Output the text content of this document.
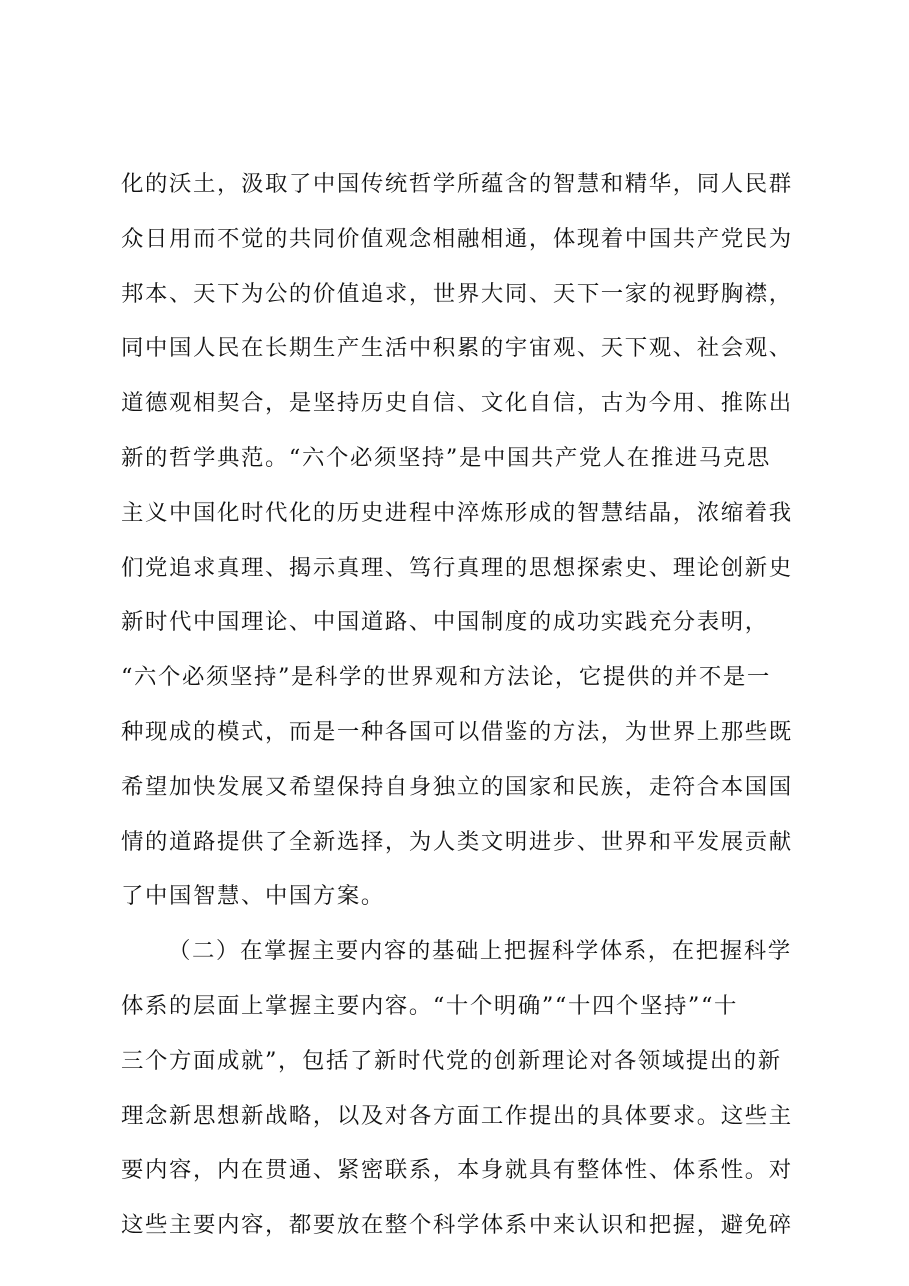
化的沃土，汲取了中国传统哲学所蕴含的智慧和精华，同人民群
众日用而不觉的共同价值观念相融相通，体现着中国共产党民为
邦本、天下为公的价值追求，世界大同、天下一家的视野胸襟，
同中国人民在长期生产生活中积累的宇宙观、天下观、社会观、
道德观相契合，是坚持历史自信、文化自信，古为今用、推陈出
新的哲学典范。“六个必须坚持”是中国共产党人在推进马克思
主义中国化时代化的历史进程中淬炼形成的智慧结晶，浓缩着我
们党追求真理、揭示真理、笃行真理的思想探索史、理论创新史
新时代中国理论、中国道路、中国制度的成功实践充分表明，
“六个必须坚持”是科学的世界观和方法论，它提供的并不是一
种现成的模式，而是一种各国可以借鉴的方法，为世界上那些既
希望加快发展又希望保持自身独立的国家和民族，走符合本国国
情的道路提供了全新选择，为人类文明进步、世界和平发展贡献
了中国智慧、中国方案。
（二）在掌握主要内容的基础上把握科学体系，在把握科学
体系的层面上掌握主要内容。“十个明确”“十四个坚持”“十
三个方面成就”，包括了新时代党的创新理论对各领域提出的新
理念新思想新战略，以及对各方面工作提出的具体要求。这些主
要内容，内在贯通、紧密联系，本身就具有整体性、体系性。对
这些主要内容，都要放在整个科学体系中来认识和把握，避免碎
